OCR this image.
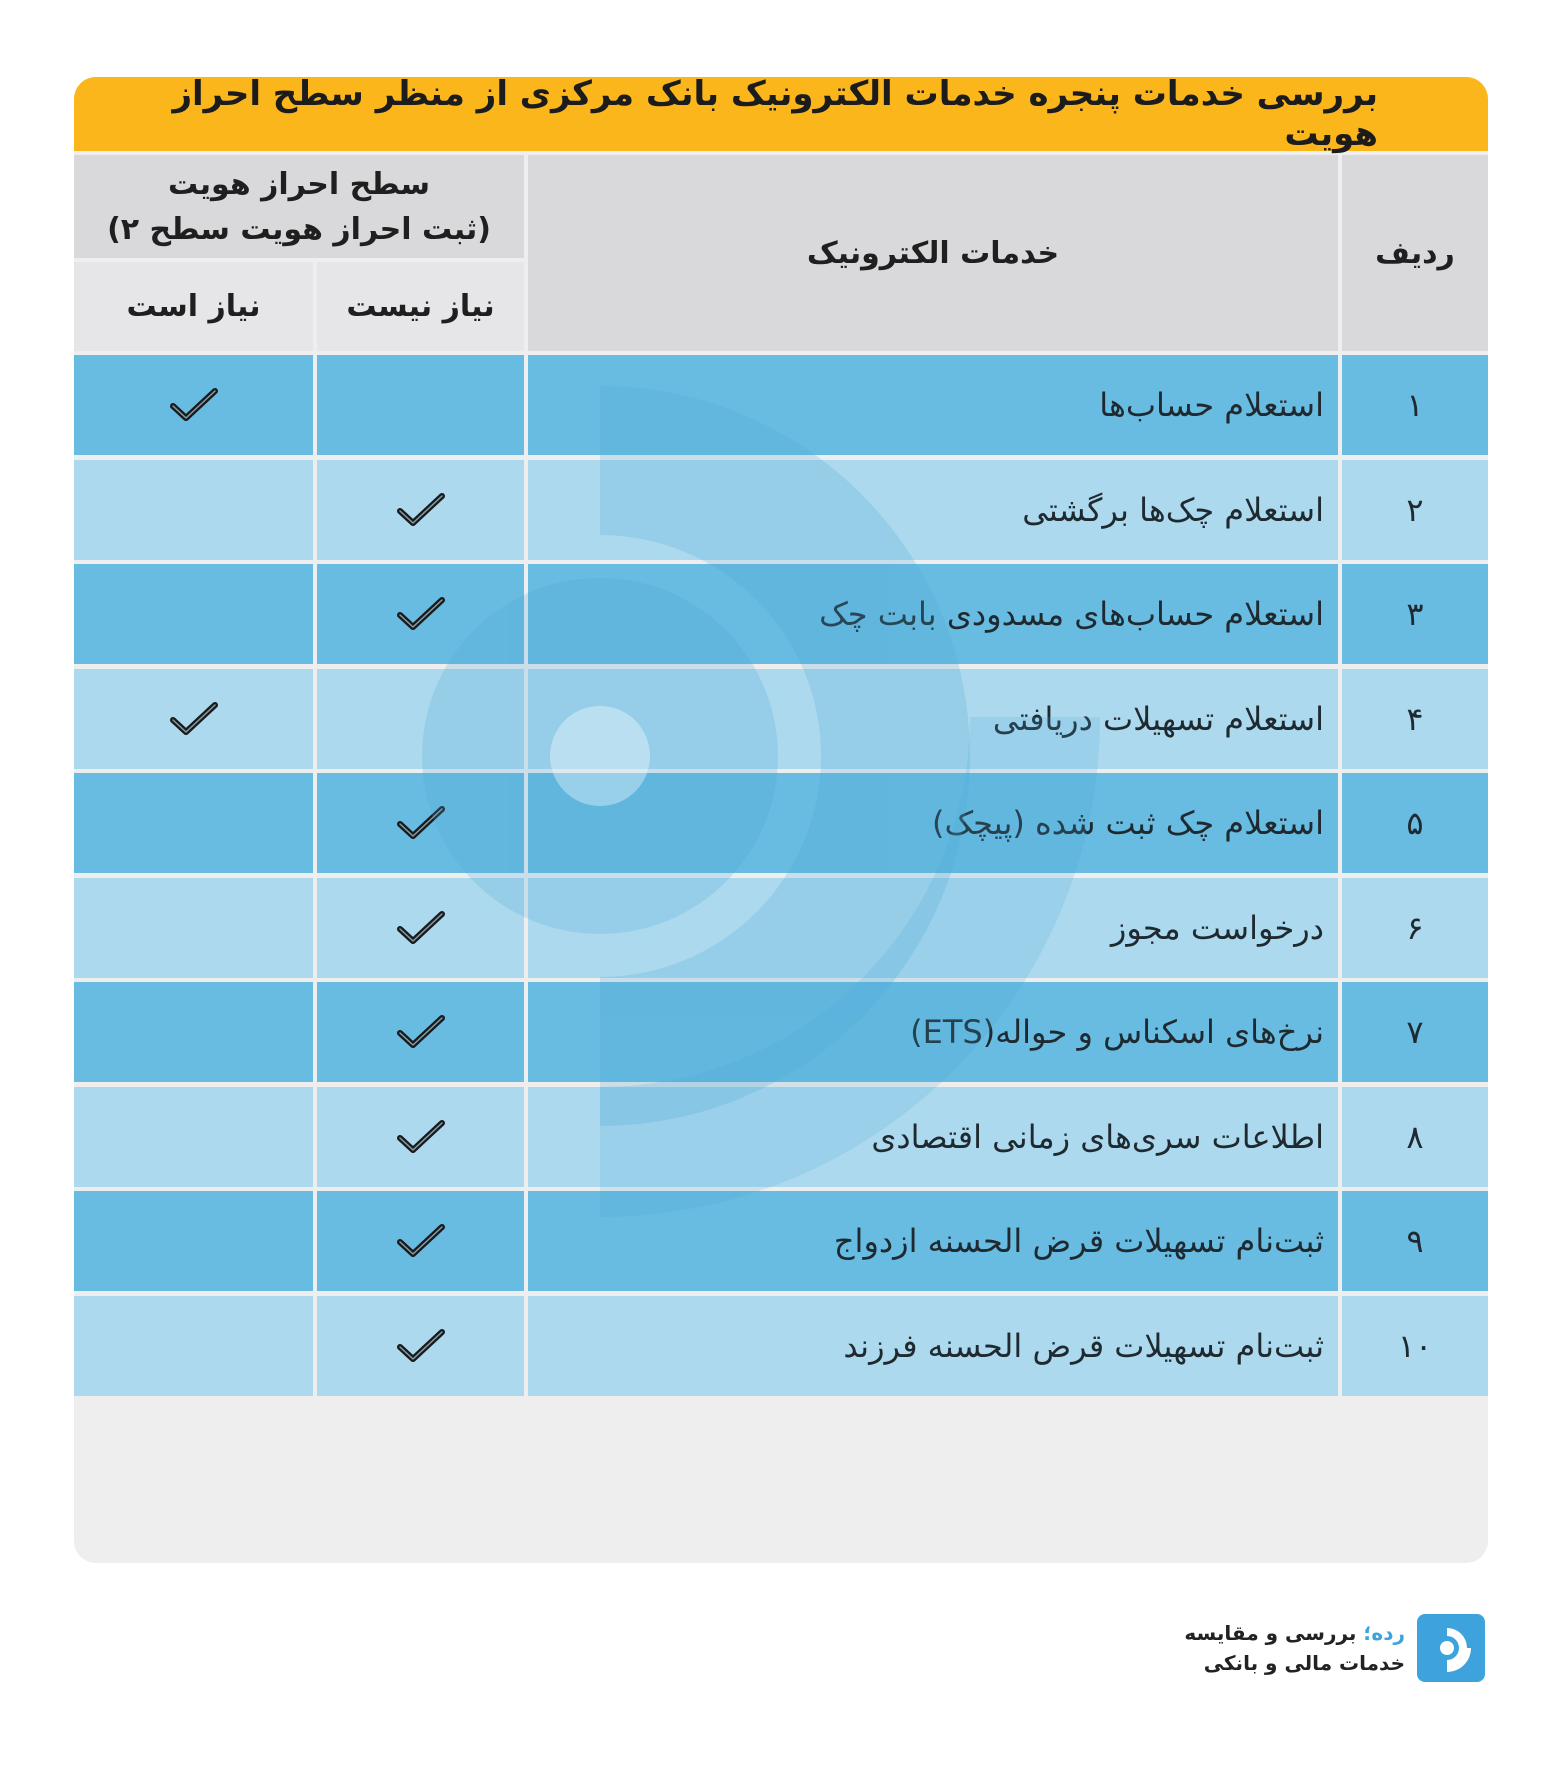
بررسی خدمات پنجره خدمات الکترونیک بانک مرکزی از منظر سطح احراز هویت
ردیف
خدمات الکترونیک
سطح احراز هویت
(ثبت احراز هویت سطح ۲)
نیاز نیست
نیاز است
۱
استعلام حساب‌ها
۲
استعلام چک‌ها برگشتی
۳
استعلام حساب‌های مسدودی بابت چک
۴
استعلام تسهیلات دریافتی
۵
استعلام چک ثبت شده (پیچک)
۶
درخواست مجوز
۷
نرخ‌های اسکناس و حواله(ETS)
۸
اطلاعات سری‌های زمانی اقتصادی
۹
ثبت‌نام تسهیلات قرض الحسنه ازدواج
۱۰
ثبت‌نام تسهیلات قرض الحسنه فرزند
رده؛ بررسی و مقایسه
خدمات مالی و بانکی
